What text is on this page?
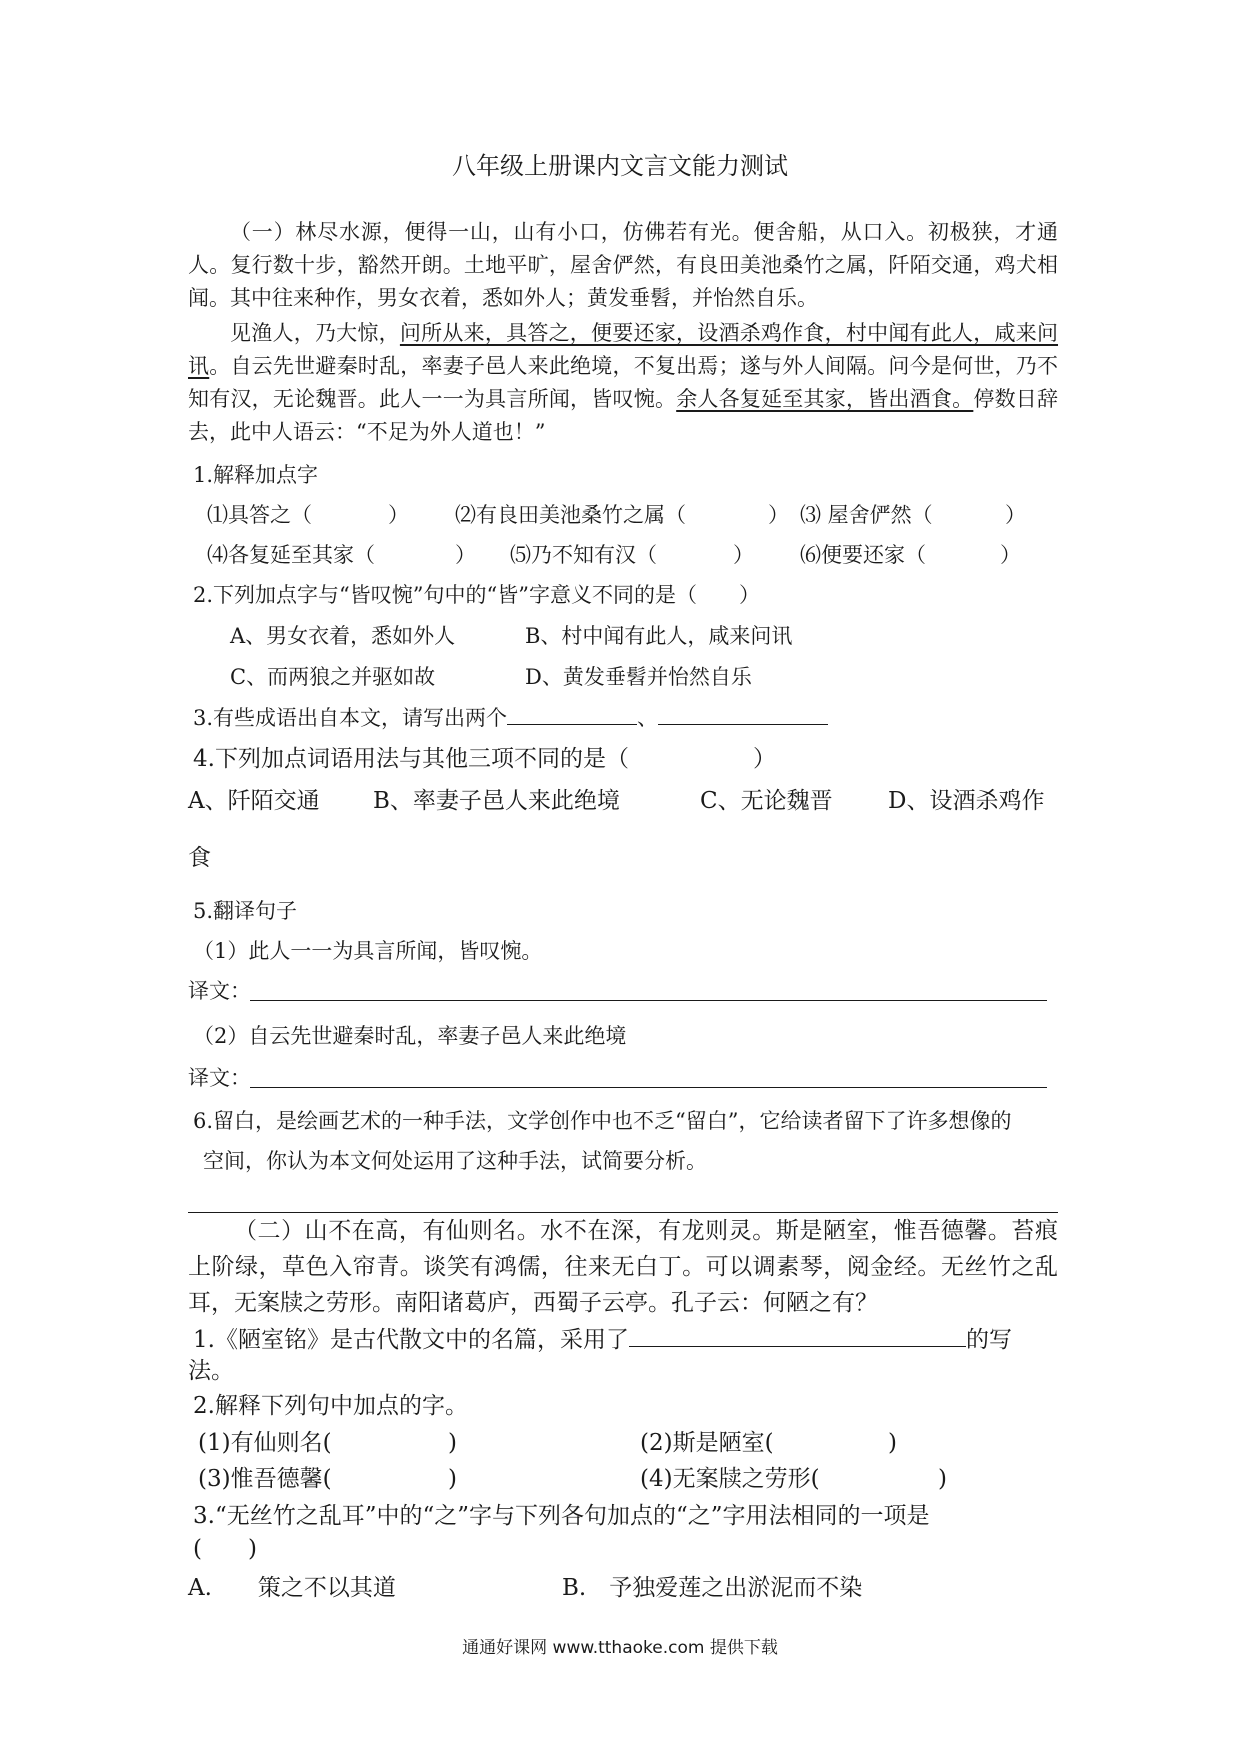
八年级上册课内文言文能力测试
（一）林尽水源，便得一山，山有小口，仿佛若有光。便舍船，从口入。初极狭，才通人。复行数十步，豁然开朗。土地平旷，屋舍俨然，有良田美池桑竹之属，阡陌交通，鸡犬相闻。其中往来种作，男女衣着，悉如外人；黄发垂髫，并怡然自乐。
见渔人，乃大惊，问所从来，具答之，便要还家，设酒杀鸡作食，村中闻有此人，咸来问讯。自云先世避秦时乱，率妻子邑人来此绝境，不复出焉；遂与外人间隔。问今是何世，乃不知有汉，无论魏晋。此人一一为具言所闻，皆叹惋。余人各复延至其家，皆出酒食。停数日辞去，此中人语云：“不足为外人道也！”
1.解释加点字
⑴具答之（	） ⑵有良田美池桑竹之属（	） ⑶ 屋舍俨然（	）
⑷各复延至其家（	） ⑸乃不知有汉（	） ⑹便要还家（	）
2.下列加点字与“皆叹惋”句中的“皆”字意义不同的是（　　）
A、男女衣着，悉如外人	B、村中闻有此人，咸来问讯
C、而两狼之并驱如故	D、黄发垂髫并怡然自乐
3.有些成语出自本文，请写出两个	、
4.下列加点词语用法与其他三项不同的是（	）
A、阡陌交通 B、率妻子邑人来此绝境	C、无论魏晋 D、设酒杀鸡作
食
5.翻译句子
（1）此人一一为具言所闻，皆叹惋。
译文：
（2）自云先世避秦时乱，率妻子邑人来此绝境
译文：
6.留白，是绘画艺术的一种手法，文学创作中也不乏“留白”，它给读者留下了许多想像的
空间，你认为本文何处运用了这种手法，试简要分析。
（二）山不在高，有仙则名。水不在深，有龙则灵。斯是陋室，惟吾德馨。苔痕上阶绿，草色入帘青。谈笑有鸿儒，往来无白丁。可以调素琴，阅金经。无丝竹之乱耳，无案牍之劳形。南阳诸葛庐，西蜀子云亭。孔子云：何陋之有？
1.《陋室铭》是古代散文中的名篇，采用了	的写
法。
2.解释下列句中加点的字。
(1)有仙则名(	)	(2)斯是陋室(	)
(3)惟吾德馨(	)	(4)无案牍之劳形(	)
3.“无丝竹之乱耳”中的“之”字与下列各句加点的“之”字用法相同的一项是
(　　)
A.　　策之不以其道	B.　予独爱莲之出淤泥而不染
通通好课网 www.tthaoke.com 提供下载
